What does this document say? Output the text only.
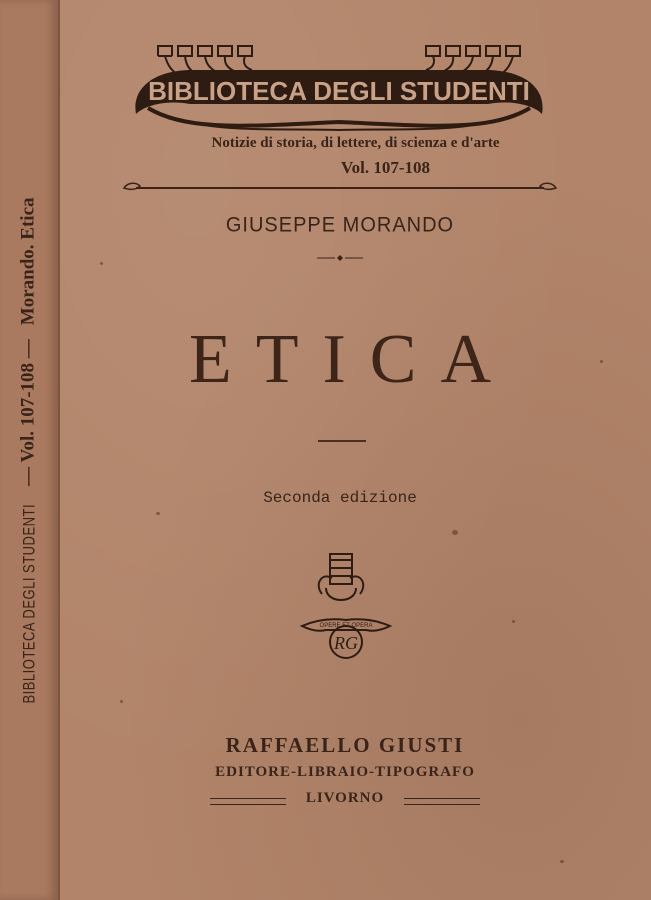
BIBLIOTECA DEGLI STUDENTI — Vol. 107-108 — Morando. Etica
BIBLIOTECA DEGLI STUDENTI
Notizie di storia, di lettere, di scienza e d'arte
Vol. 107-108
GIUSEPPE MORANDO
ETICA
Seconda edizione
OPERE ET OPERA
RG
RAFFAELLO GIUSTI
EDITORE-LIBRAIO-TIPOGRAFO
LIVORNO
